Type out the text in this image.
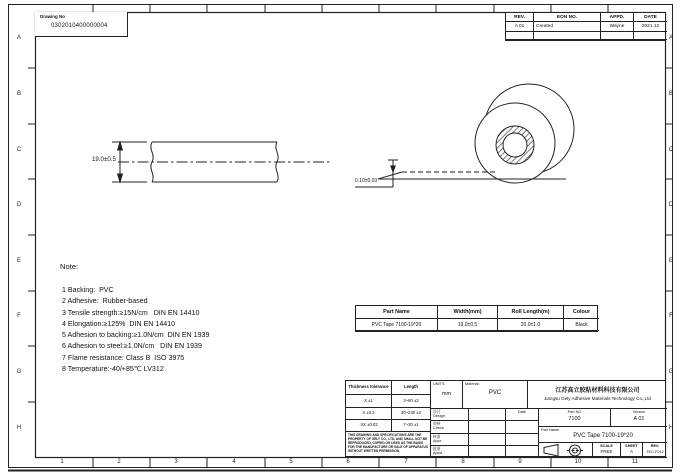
A
B
C
D
E
F
G
H
A
B
C
D
E
F
G
H
1	2	3	4	5	6	7	8	9	10	11
Drawing No
0302010400000004
REV.	EON NO.	APPD.	DATE
A 01	Created	Wayne	2021.12
19.0±0.5
0.10±0.03
Note:
1 Backing:  PVC
2 Adhesive:  Rubber-based
3 Tensile strength:≥15N/cm   DIN EN 14410
4 Elongation:≥125%  DIN EN 14410
5 Adhesion to backing:≥1.0N/cm  DIN EN 1939
6 Adhesion to steel:≥1.0N/cm   DIN EN 1939
7 Flame resistance: Class B  ISO 3975
8 Temperature:-40/+85℃ LV312
Part Name	Width(mm)	Roll Length(m)	Colour
PVC Tape 7100-19*20	19.0±0.5	20.0±1.0	Black
Thickness tolerance	Length
X ±1	3~60 ±3
X ±0.2	30~230 ±2
.XX ±0.02	7~30 ±1
THIS DRAWING AND SPECIFICATIONS ARE THE PROPERTY OF GELY CO., LTD. AND SHALL NOT BE REPRODUCED, COPIED OR USED AS THE BASIS FOR THE MANUFACTURE OR SALE OF APPARATUS WITHOUT WRITTEN PERMISSION.
UNITS:
mm
Material:
PVC	江苏高立胶粘材料科技有限公司
Jiangsu Gely Adhesive Materials Technology Co.,Ltd
设计
Design
Date
审核
Check
核准
Appr.
批准
Appd.
Part NO
7100
Version
A 01
Part Name
PVC Tape 7100-19*20
SCALE
FREE
SHEET
A
REV.
TEC-F012
